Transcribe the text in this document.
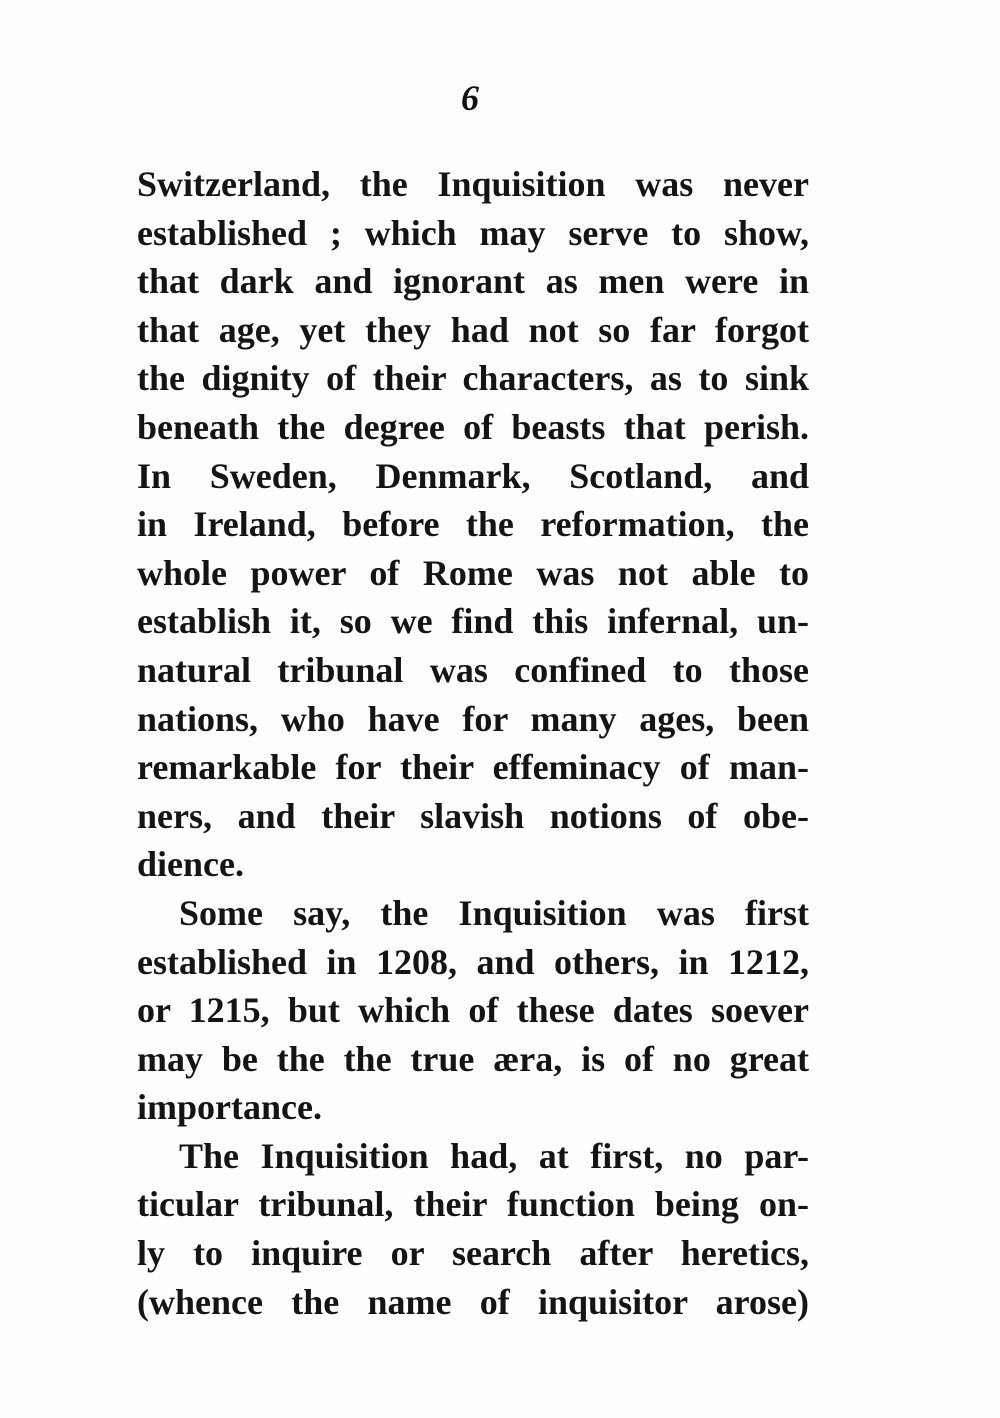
6
Switzerland, the Inquisition was never
established ; which may serve to show,
that dark and ignorant as men were in
that age, yet they had not so far forgot
the dignity of their characters, as to sink
beneath the degree of beasts that perish.
In Sweden, Denmark, Scotland, and
in Ireland, before the reformation, the
whole power of Rome was not able to
establish it, so we find this infernal, un-
natural tribunal was confined to those
nations, who have for many ages, been
remarkable for their effeminacy of man-
ners, and their slavish notions of obe-
dience.
Some say, the Inquisition was first
established in 1208, and others, in 1212,
or 1215, but which of these dates soever
may be the the true æra, is of no great
importance.
The Inquisition had, at first, no par-
ticular tribunal, their function being on-
ly to inquire or search after heretics,
(whence the name of inquisitor arose)
